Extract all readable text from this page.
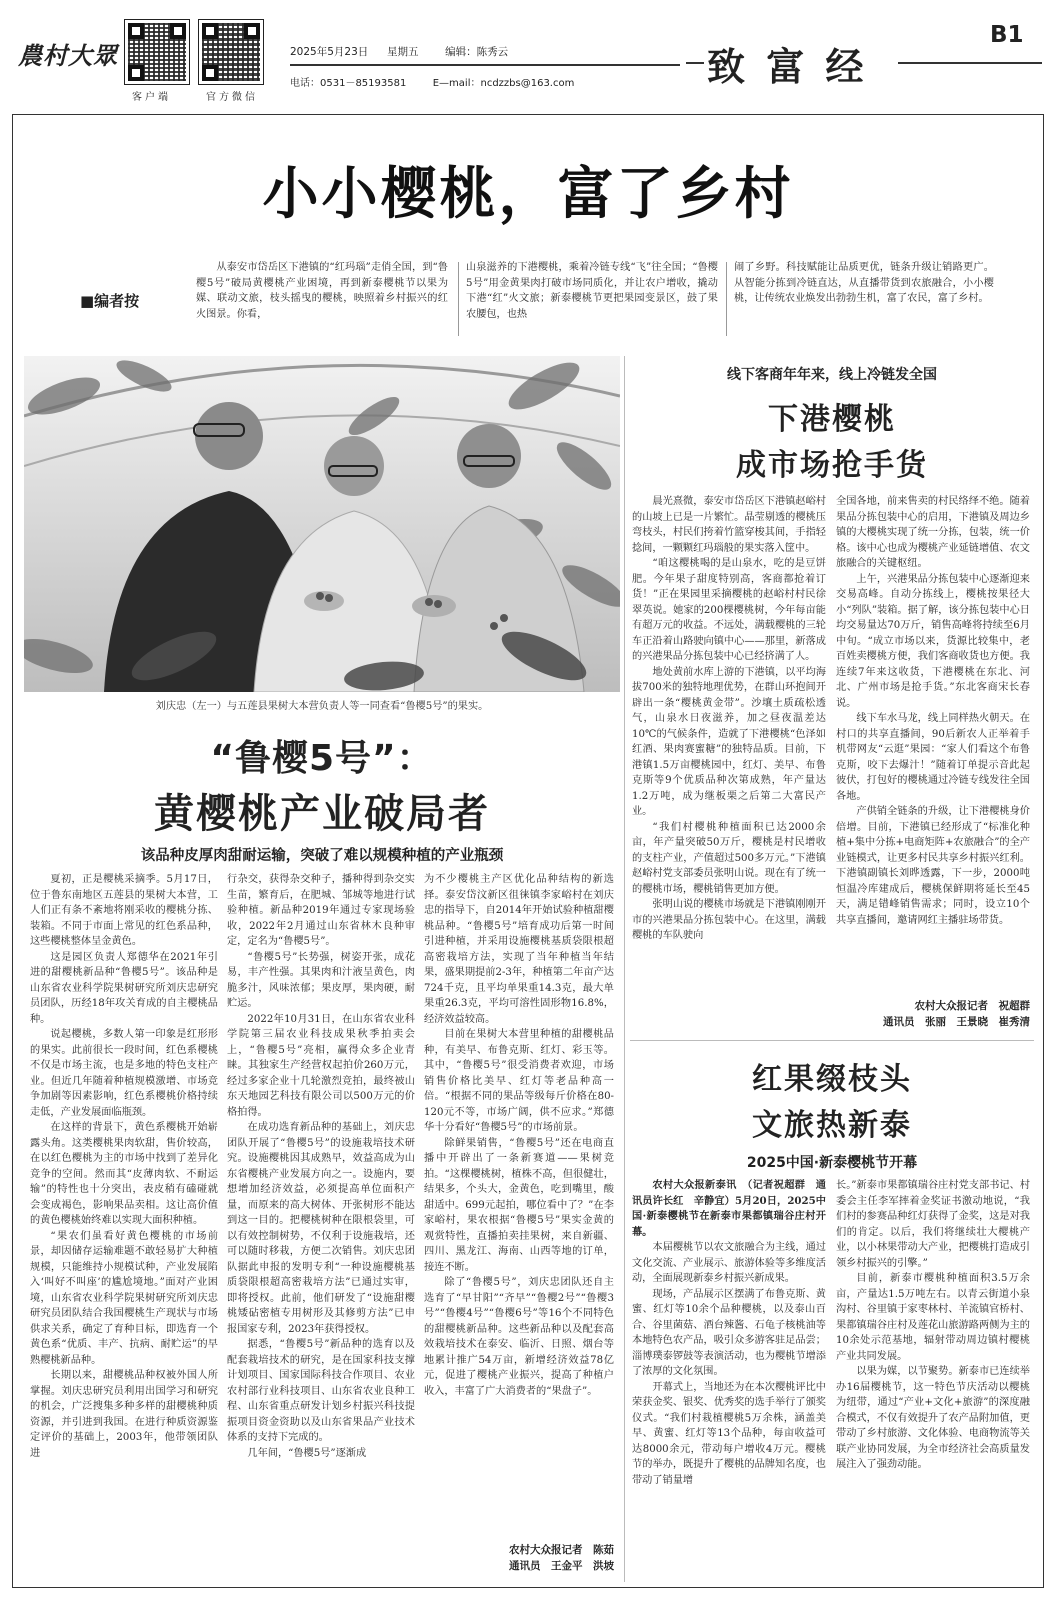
農村大眾
客户端	官方微信
2025年5月23日 星期五	编辑：陈秀云
电话：0531－85193581	E—mail：ncdzzbs@163.com	致 富 经
B1
小小樱桃，富了乡村
■编者按
从泰安市岱岳区下港镇的“红玛瑙”走俏全国，到“鲁樱5号”破局黄樱桃产业困境，再到新泰樱桃节以果为媒、联动文旅，枝头摇曳的樱桃，映照着乡村振兴的红火图景。你看，
山泉滋养的下港樱桃，乘着冷链专线“飞”往全国；“鲁樱5号”用金黄果肉打破市场同质化，并让农户增收，撬动下港“红”火文旅；新泰樱桃节更把果园变景区，鼓了果农腰包，也热
闹了乡野。科技赋能让品质更优，链条升级让销路更广。从智能分拣到冷链直达，从直播带货到农旅融合，小小樱桃，让传统农业焕发出勃勃生机，富了农民，富了乡村。
刘庆忠（左一）与五莲县果树大本营负责人等一同查看“鲁樱5号”的果实。
“鲁樱5号”：
黄樱桃产业破局者
该品种皮厚肉甜耐运输，突破了难以规模种植的产业瓶颈

夏初，正是樱桃采摘季。5月17日，位于鲁东南地区五莲县的果树大本营，工人们正有条不紊地将刚采收的樱桃分拣、装箱。不同于市面上常见的红色系品种，这些樱桃整体呈金黄色。

这是园区负责人郑德华在2021年引进的甜樱桃新品种“鲁樱5号”。该品种是山东省农业科学院果树研究所刘庆忠研究员团队，历经18年攻关育成的自主樱桃品种。

说起樱桃，多数人第一印象是红形形的果实。此前很长一段时间，红色系樱桃不仅是市场主流，也是多地的特色支柱产业。但近几年随着种植规模激增、市场竞争加剧等因素影响，红色系樱桃价格持续走低，产业发展面临瓶颈。

在这样的背景下，黄色系樱桃开始崭露头角。这类樱桃果肉软甜，售价较高，在以红色樱桃为主的市场中找到了差异化竞争的空间。然而其“皮薄肉软、不耐运输”的特性也十分突出，表皮稍有磕碰就会变成褐色，影响果品卖相。这让高价值的黄色樱桃始终难以实现大面积种植。

“果农们虽看好黄色樱桃的市场前景，却因储存运输难题不敢轻易扩大种植规模，只能维持小规模试种，产业发展陷入‘叫好不叫座’的尴尬境地。”面对产业困境，山东省农业科学院果树研究所刘庆忠研究员团队结合我国樱桃生产现状与市场供求关系，确定了育种目标，即选育一个黄色系“优质、丰产、抗病、耐贮运”的早熟樱桃新品种。

长期以来，甜樱桃品种权被外国人所掌握。刘庆忠研究员利用出国学习和研究的机会，广泛搜集多种多样的甜樱桃种质资源，并引进到我国。在进行种质资源鉴定评价的基础上，2003年，他带领团队进

行杂交，获得杂交种子，播种得到杂交实生苗，繁育后，在肥城、邹城等地进行试验种植。新品种2019年通过专家现场验收，2022年2月通过山东省林木良种审定，定名为“鲁樱5号”。

“鲁樱5号”长势强，树姿开张，成花易，丰产性强。其果肉和汁液呈黄色，肉脆多汁，风味浓郁；果皮厚，果肉硬，耐贮运。

2022年10月31日，在山东省农业科学院第三届农业科技成果秋季拍卖会上，“鲁樱5号”亮相，赢得众多企业青睐。其独家生产经营权起拍价260万元，经过多家企业十几轮激烈竞拍，最终被山东天地园艺科技有限公司以500万元的价格拍得。

在成功选育新品种的基础上，刘庆忠团队开展了“鲁樱5号”的设施栽培技术研究。设施樱桃因其成熟早，效益高成为山东省樱桃产业发展方向之一。设施内，要想增加经济效益，必须提高单位面积产量，而原来的高大树体、开张树形不能达到这一目的。把樱桃树种在限根袋里，可以有效控制树势，不仅利于设施栽培，还可以随时移栽，方便二次销售。刘庆忠团队据此申报的发明专利“一种设施樱桃基质袋限根超高密栽培方法”已通过实审，即将授权。此前，他们研发了“设施甜樱桃矮砧密植专用树形及其修剪方法”已申报国家专利，2023年获得授权。

据悉，“鲁樱5号”新品种的选育以及配套栽培技术的研究，是在国家科技支撑计划项目、国家国际科技合作项目、农业农村部行业科技项目、山东省农业良种工程、山东省重点研发计划乡村振兴科技提振项目资金资助以及山东省果品产业技术体系的支持下完成的。

几年间，“鲁樱5号”逐渐成

为不少樱桃主产区优化品种结构的新选择。泰安岱汶新区徂徕镇李家峪村在刘庆忠的指导下，自2014年开始试验种植甜樱桃品种。“鲁樱5号”培育成功后第一时间引进种植，并采用设施樱桃基质袋限根超高密栽培方法，实现了当年种植当年结果，盛果期提前2-3年，种植第二年亩产达724千克，且平均单果重14.3克，最大单果重26.3克，平均可溶性固形物16.8%，经济效益较高。

目前在果树大本营里种植的甜樱桃品种，有美早、布鲁克斯、红灯、彩玉等。其中，“鲁樱5号”很受消费者欢迎，市场销售价格比美早、红灯等老品种高一倍。“根据不同的果品等级每斤价格在80-120元不等，市场广阔，供不应求。”郑德华十分看好“鲁樱5号”的市场前景。

除鲜果销售，“鲁樱5号”还在电商直播中开辟出了一条新赛道——果树竞拍。“这棵樱桃树，植株不高，但很健壮，结果多，个头大，金黄色，吃到嘴里，酸甜适中。699元起拍，哪位看中了？”在李家峪村，果农根据“鲁樱5号”果实金黄的观赏特性，直播拍卖挂果树，来自新疆、四川、黑龙江、海南、山西等地的订单，接连不断。

除了“鲁樱5号”，刘庆忠团队还自主选育了“早甘阳”“齐早”“鲁樱2号”“鲁樱3号”“鲁樱4号”“鲁樱6号”等16个不同特色的甜樱桃新品种。这些新品种以及配套高效栽培技术在泰安、临沂、日照、烟台等地累计推广54万亩，新增经济效益78亿元，促进了樱桃产业振兴，提高了种植户收入，丰富了广大消费者的“果盘子”。

农村大众报记者　陈茹
通讯员　王金平　洪坡
线下客商年年来，线上冷链发全国
下港樱桃
成市场抢手货

晨光熹微，泰安市岱岳区下港镇赵峪村的山坡上已是一片繁忙。晶莹剔透的樱桃压弯枝头，村民们挎着竹篮穿梭其间，手指轻捻间，一颗颗红玛瑙般的果实落入筐中。

“咱这樱桃喝的是山泉水，吃的是豆饼肥。今年果子甜度特别高，客商都抢着订货！”正在果园里采摘樱桃的赵峪村村民徐翠英说。她家的200棵樱桃树，今年每亩能有超万元的收益。不远处，满载樱桃的三轮车正沿着山路驶向镇中心——那里，新落成的兴港果品分拣包装中心已经挤满了人。

地处黄前水库上游的下港镇，以平均海拔700米的独特地理优势，在群山环抱间开辟出一条“樱桃黄金带”。沙壤土质疏松透气，山泉水日夜滋养，加之昼夜温差达10℃的气候条件，造就了下港樱桃“色泽如红酒、果肉赛蜜糖”的独特品质。目前，下港镇1.5万亩樱桃园中，红灯、美早、布鲁克斯等9个优质品种次第成熟，年产量达1.2万吨，成为继板栗之后第二大富民产业。

“我们村樱桃种植面积已达2000余亩，年产量突破50万斤，樱桃是村民增收的支柱产业，产值超过500多万元。”下港镇赵峪村党支部委员张明山说。现在有了统一的樱桃市场，樱桃销售更加方便。

张明山说的樱桃市场就是下港镇刚刚开市的兴港果品分拣包装中心。在这里，满载樱桃的车队驶向

全国各地，前来售卖的村民络绎不绝。随着果品分拣包装中心的启用，下港镇及周边乡镇的大樱桃实现了统一分拣，包装，统一价格。该中心也成为樱桃产业延链增值、农文旅融合的关键枢纽。

上午，兴港果品分拣包装中心逐渐迎来交易高峰。自动分拣线上，樱桃按果径大小“列队”装箱。据了解，该分拣包装中心日均交易量达70万斤，销售高峰将持续至6月中旬。“成立市场以来，货源比较集中，老百姓卖樱桃方便，我们客商收货也方便。我连续7年来这收货，下港樱桃在东北、河北、广州市场是抢手货。”东北客商宋长春说。

线下车水马龙，线上同样热火朝天。在村口的共享直播间，90后新农人正举着手机带网友“云逛”果园：“家人们看这个布鲁克斯，咬下去爆汁！”随着订单提示音此起彼伏，打包好的樱桃通过冷链专线发往全国各地。

产供销全链条的升级，让下港樱桃身价倍增。目前，下港镇已经形成了“标准化种植+集中分拣+电商矩阵+农旅融合”的全产业链模式，让更多村民共享乡村振兴红利。下港镇副镇长刘晔透露，下一步，2000吨恒温冷库建成后，樱桃保鲜期将延长至45天，满足错峰销售需求；同时，设立10个共享直播间，邀请网红主播驻场带货。

农村大众报记者　祝超群
通讯员　张丽　王景晓　崔秀清
红果缀枝头
文旅热新泰
2025中国·新泰樱桃节开幕

农村大众报新泰讯　（记者祝超群　通讯员许长红　辛静宜）5月20日，2025中国·新泰樱桃节在新泰市果都镇瑞谷庄村开幕。

本届樱桃节以农文旅融合为主线，通过文化交流、产业展示、旅游体验等多维度活动，全面展现新泰乡村振兴新成果。

现场，产品展示区摆满了布鲁克斯、黄蜜、红灯等10余个品种樱桃，以及泰山百合、谷里菌菇、酒台辣酱、石龟子核桃油等本地特色农产品，吸引众多游客驻足品尝；淄博璞泰锣鼓等表演活动，也为樱桃节增添了浓厚的文化氛围。

开幕式上，当地还为在本次樱桃评比中荣获金奖、银奖、优秀奖的选手举行了颁奖仪式。“我们村栽植樱桃5万余株，涵盖美早、黄蜜、红灯等13个品种，每亩收益可达8000余元，带动每户增收4万元。樱桃节的举办，既提升了樱桃的品牌知名度，也带动了销量增

长。”新泰市果都镇瑞谷庄村党支部书记、村委会主任李军摔着金奖证书激动地说，“我们村的参赛品种红灯获得了金奖，这是对我们的肯定。以后，我们将继续壮大樱桃产业，以小林果带动大产业，把樱桃打造成引领乡村振兴的引擎。”

目前，新泰市樱桃种植面积3.5万余亩，产量达1.5万吨左右。以青云街道小泉沟村、谷里镇于家枣林村、羊流镇官桥村、果都镇瑞谷庄村及莲花山旅游路两侧为主的10余处示范基地，辐射带动周边镇村樱桃产业共同发展。

以果为媒，以节聚势。新泰市已连续举办16届樱桃节，这一特色节庆活动以樱桃为纽带，通过“产业+文化+旅游”的深度融合模式，不仅有效提升了农产品附加值，更带动了乡村旅游、文化体验、电商物流等关联产业协同发展，为全市经济社会高质量发展注入了强劲动能。
